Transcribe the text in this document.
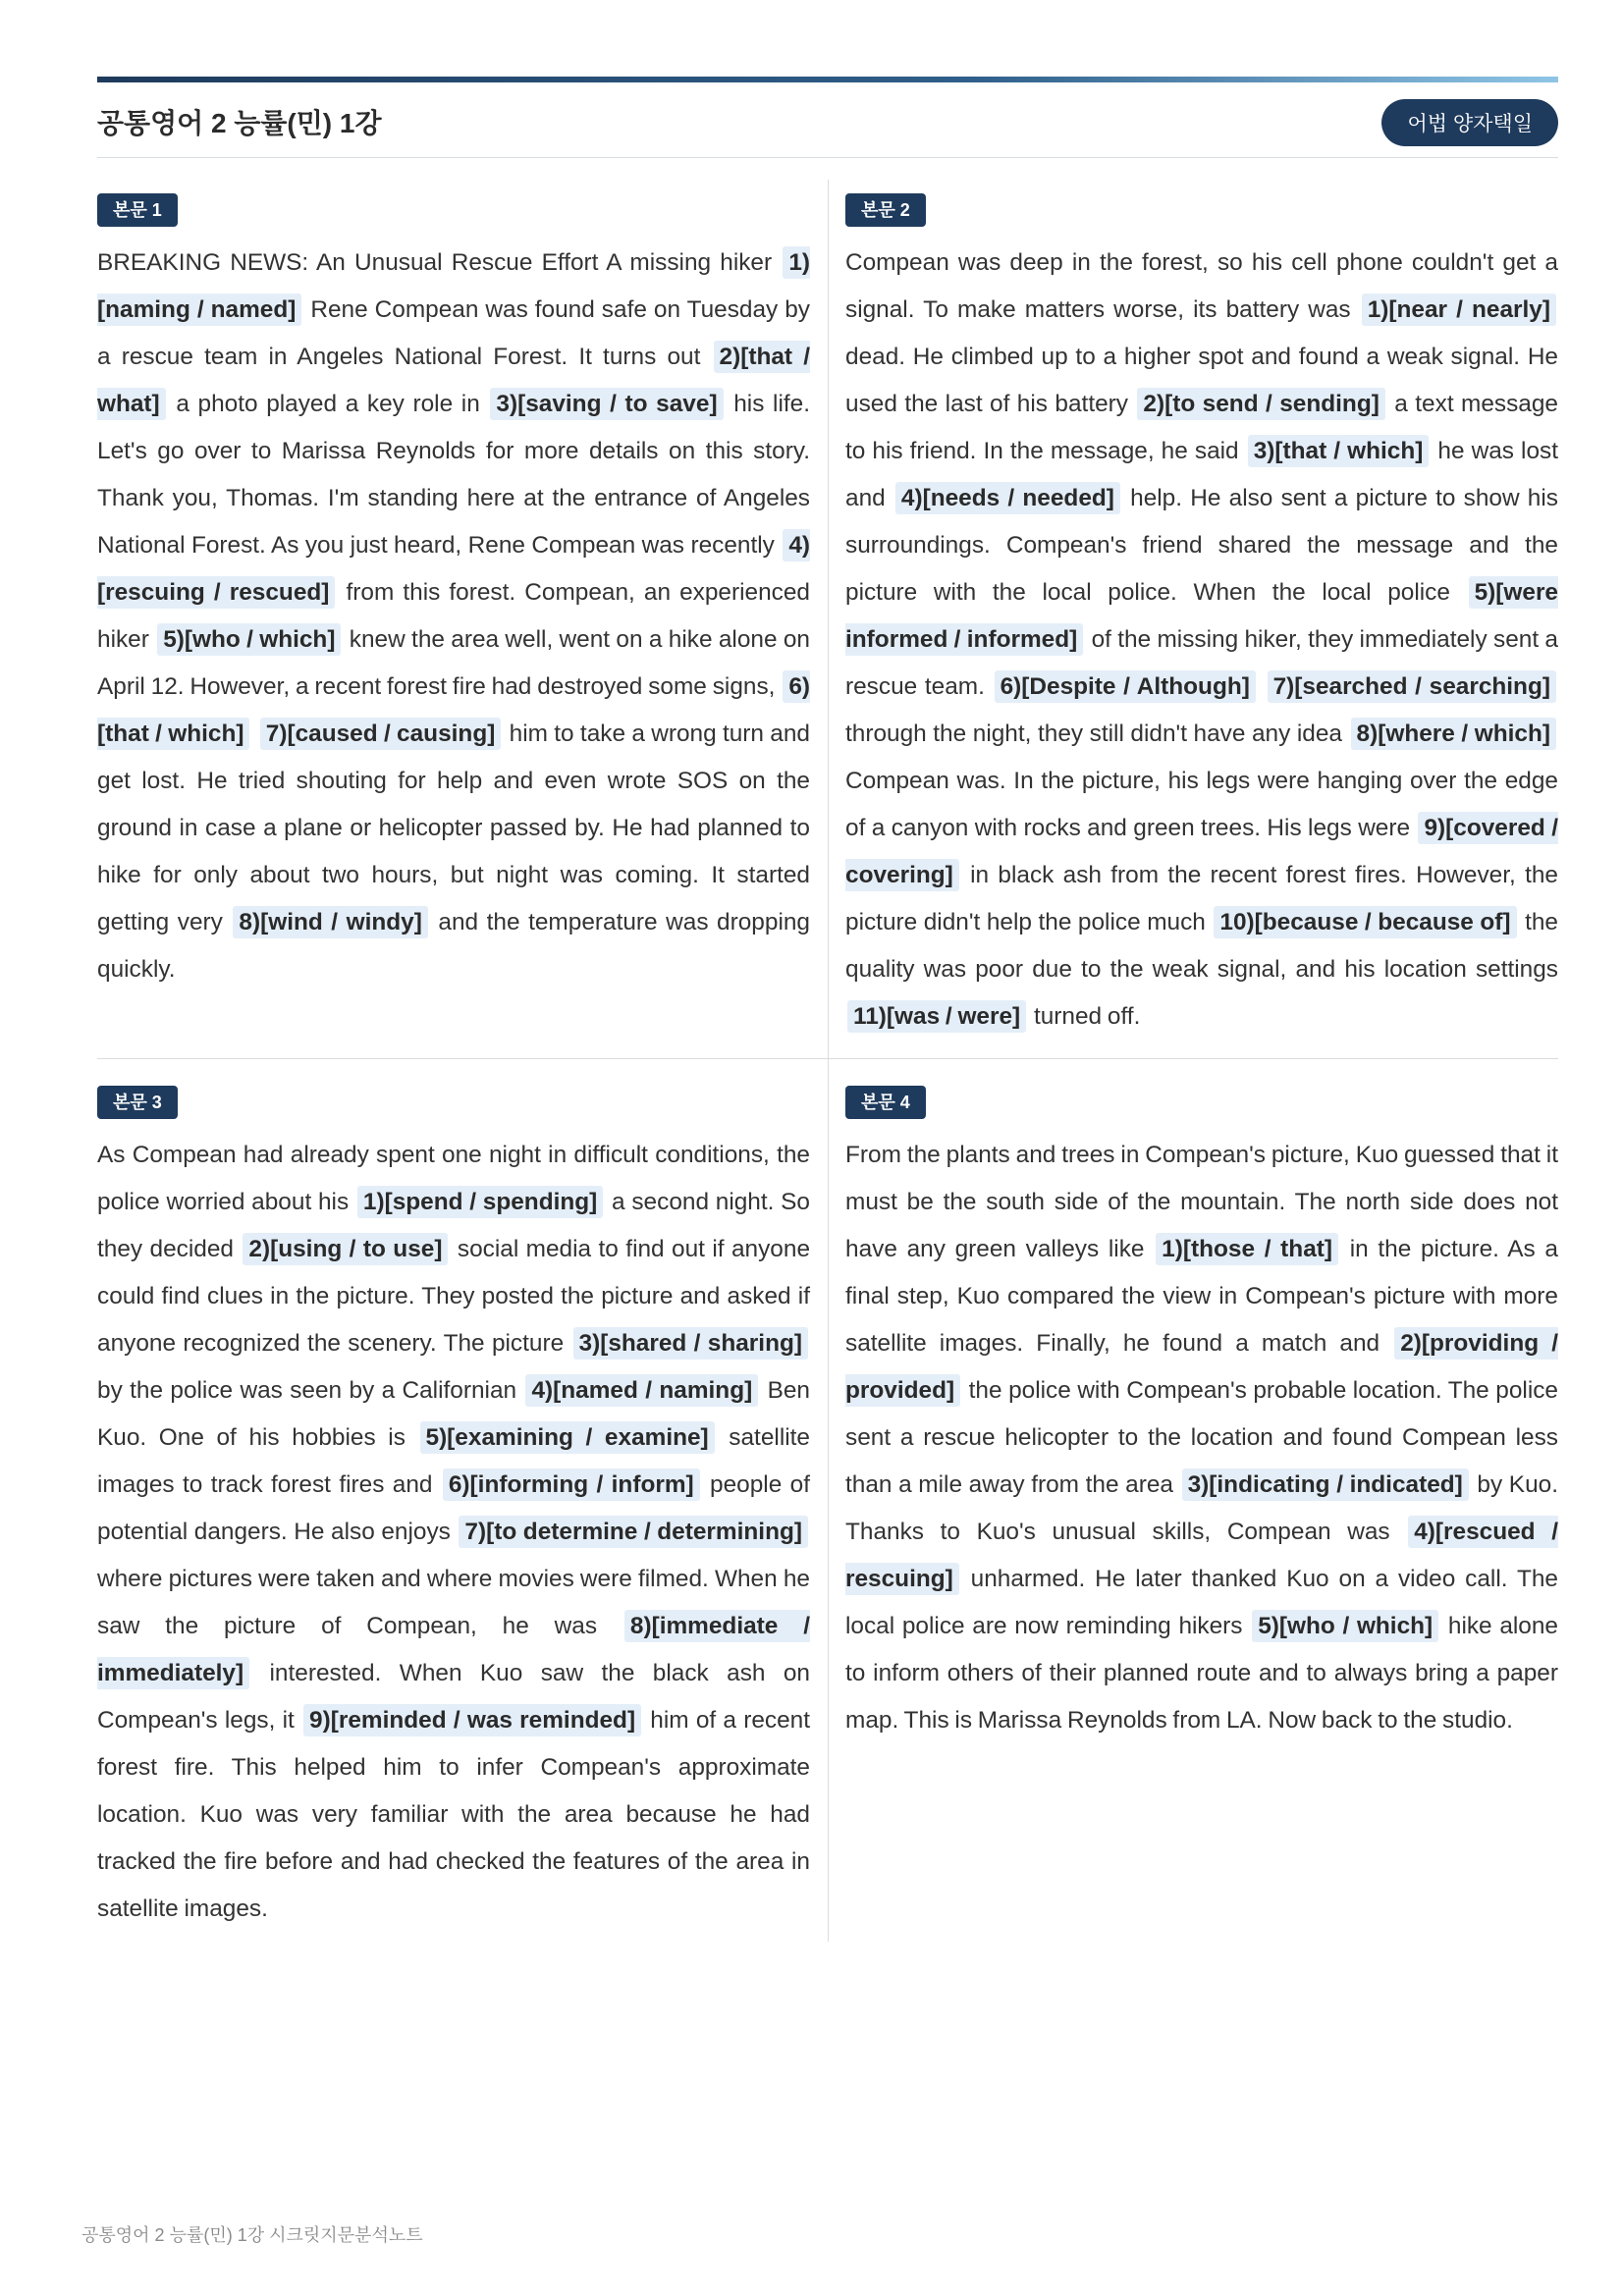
공통영어 2 능률(민) 1강	어법 양자택일
본문 1
BREAKING NEWS: An Unusual Rescue Effort A missing hiker 1)[naming / named] Rene Compean was found safe on Tuesday by a rescue team in Angeles National Forest. It turns out 2)[that / what] a photo played a key role in 3)[saving / to save] his life. Let's go over to Marissa Reynolds for more details on this story. Thank you, Thomas. I'm standing here at the entrance of Angeles National Forest. As you just heard, Rene Compean was recently 4)[rescuing / rescued] from this forest. Compean, an experienced hiker 5)[who / which] knew the area well, went on a hike alone on April 12. However, a recent forest fire had destroyed some signs, 6)[that / which] 7)[caused / causing] him to take a wrong turn and get lost. He tried shouting for help and even wrote SOS on the ground in case a plane or helicopter passed by. He had planned to hike for only about two hours, but night was coming. It started getting very 8)[wind / windy] and the temperature was dropping quickly.
본문 2
Compean was deep in the forest, so his cell phone couldn't get a signal. To make matters worse, its battery was 1)[near / nearly] dead. He climbed up to a higher spot and found a weak signal. He used the last of his battery 2)[to send / sending] a text message to his friend. In the message, he said 3)[that / which] he was lost and 4)[needs / needed] help. He also sent a picture to show his surroundings. Compean's friend shared the message and the picture with the local police. When the local police 5)[were informed / informed] of the missing hiker, they immediately sent a rescue team. 6)[Despite / Although] 7)[searched / searching] through the night, they still didn't have any idea 8)[where / which] Compean was. In the picture, his legs were hanging over the edge of a canyon with rocks and green trees. His legs were 9)[covered / covering] in black ash from the recent forest fires. However, the picture didn't help the police much 10)[because / because of] the quality was poor due to the weak signal, and his location settings 11)[was / were] turned off.
본문 3
As Compean had already spent one night in difficult conditions, the police worried about his 1)[spend / spending] a second night. So they decided 2)[using / to use] social media to find out if anyone could find clues in the picture. They posted the picture and asked if anyone recognized the scenery. The picture 3)[shared / sharing] by the police was seen by a Californian 4)[named / naming] Ben Kuo. One of his hobbies is 5)[examining / examine] satellite images to track forest fires and 6)[informing / inform] people of potential dangers. He also enjoys 7)[to determine / determining] where pictures were taken and where movies were filmed. When he saw the picture of Compean, he was 8)[immediate / immediately] interested. When Kuo saw the black ash on Compean's legs, it 9)[reminded / was reminded] him of a recent forest fire. This helped him to infer Compean's approximate location. Kuo was very familiar with the area because he had tracked the fire before and had checked the features of the area in satellite images.
본문 4
From the plants and trees in Compean's picture, Kuo guessed that it must be the south side of the mountain. The north side does not have any green valleys like 1)[those / that] in the picture. As a final step, Kuo compared the view in Compean's picture with more satellite images. Finally, he found a match and 2)[providing / provided] the police with Compean's probable location. The police sent a rescue helicopter to the location and found Compean less than a mile away from the area 3)[indicating / indicated] by Kuo. Thanks to Kuo's unusual skills, Compean was 4)[rescued / rescuing] unharmed. He later thanked Kuo on a video call. The local police are now reminding hikers 5)[who / which] hike alone to inform others of their planned route and to always bring a paper map. This is Marissa Reynolds from LA. Now back to the studio.
공통영어 2 능률(민) 1강 시크릿지문분석노트
